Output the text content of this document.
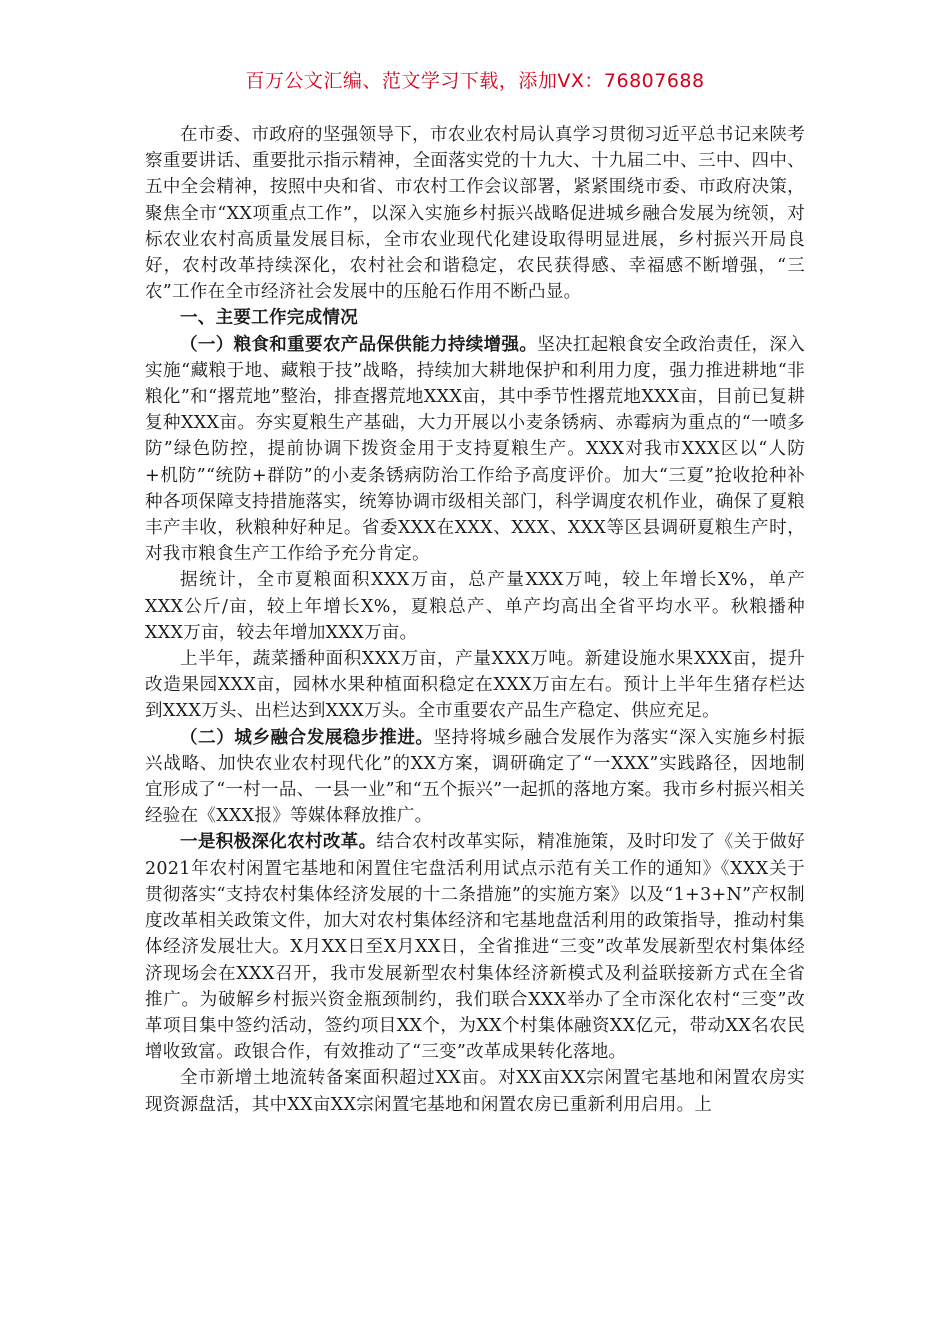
百万公文汇编、范文学习下载，添加VX：76807688

在市委、市政府的坚强领导下，市农业农村局认真学习贯彻习近平总书记来陕考察重要讲话、重要批示指示精神，全面落实党的十九大、十九届二中、三中、四中、五中全会精神，按照中央和省、市农村工作会议部署，紧紧围绕市委、市政府决策，聚焦全市“XX项重点工作”，以深入实施乡村振兴战略促进城乡融合发展为统领，对标农业农村高质量发展目标，全市农业现代化建设取得明显进展，乡村振兴开局良好，农村改革持续深化，农村社会和谐稳定，农民获得感、幸福感不断增强，“三农”工作在全市经济社会发展中的压舱石作用不断凸显。

一、主要工作完成情况

（一）粮食和重要农产品保供能力持续增强。坚决扛起粮食安全政治责任，深入实施“藏粮于地、藏粮于技”战略，持续加大耕地保护和利用力度，强力推进耕地“非粮化”和“撂荒地”整治，排查撂荒地XXX亩，其中季节性撂荒地XXX亩，目前已复耕复种XXX亩。夯实夏粮生产基础，大力开展以小麦条锈病、赤霉病为重点的“一喷多防”绿色防控，提前协调下拨资金用于支持夏粮生产。XXX对我市XXX区以“人防+机防”“统防+群防”的小麦条锈病防治工作给予高度评价。加大“三夏”抢收抢种补种各项保障支持措施落实，统筹协调市级相关部门，科学调度农机作业，确保了夏粮丰产丰收，秋粮种好种足。省委XXX在XXX、XXX、XXX等区县调研夏粮生产时，对我市粮食生产工作给予充分肯定。

据统计，全市夏粮面积XXX万亩，总产量XXX万吨，较上年增长X%，单产XXX公斤/亩，较上年增长X%，夏粮总产、单产均高出全省平均水平。秋粮播种XXX万亩，较去年增加XXX万亩。

上半年，蔬菜播种面积XXX万亩，产量XXX万吨。新建设施水果XXX亩，提升改造果园XXX亩，园林水果种植面积稳定在XXX万亩左右。预计上半年生猪存栏达到XXX万头、出栏达到XXX万头。全市重要农产品生产稳定、供应充足。

（二）城乡融合发展稳步推进。坚持将城乡融合发展作为落实“深入实施乡村振兴战略、加快农业农村现代化”的XX方案，调研确定了“一XXX”实践路径，因地制宜形成了“一村一品、一县一业”和“五个振兴”一起抓的落地方案。我市乡村振兴相关经验在《XXX报》等媒体释放推广。

一是积极深化农村改革。结合农村改革实际，精准施策，及时印发了《关于做好2021年农村闲置宅基地和闲置住宅盘活利用试点示范有关工作的通知》《XXX关于贯彻落实“支持农村集体经济发展的十二条措施”的实施方案》以及“1+3+N”产权制度改革相关政策文件，加大对农村集体经济和宅基地盘活利用的政策指导，推动村集体经济发展壮大。X月XX日至X月XX日，全省推进“三变”改革发展新型农村集体经济现场会在XXX召开，我市发展新型农村集体经济新模式及利益联接新方式在全省推广。为破解乡村振兴资金瓶颈制约，我们联合XXX举办了全市深化农村“三变”改革项目集中签约活动，签约项目XX个，为XX个村集体融资XX亿元，带动XX名农民增收致富。政银合作，有效推动了“三变”改革成果转化落地。

全市新增土地流转备案面积超过XX亩。对XX亩XX宗闲置宅基地和闲置农房实现资源盘活，其中XX亩XX宗闲置宅基地和闲置农房已重新利用启用。上
